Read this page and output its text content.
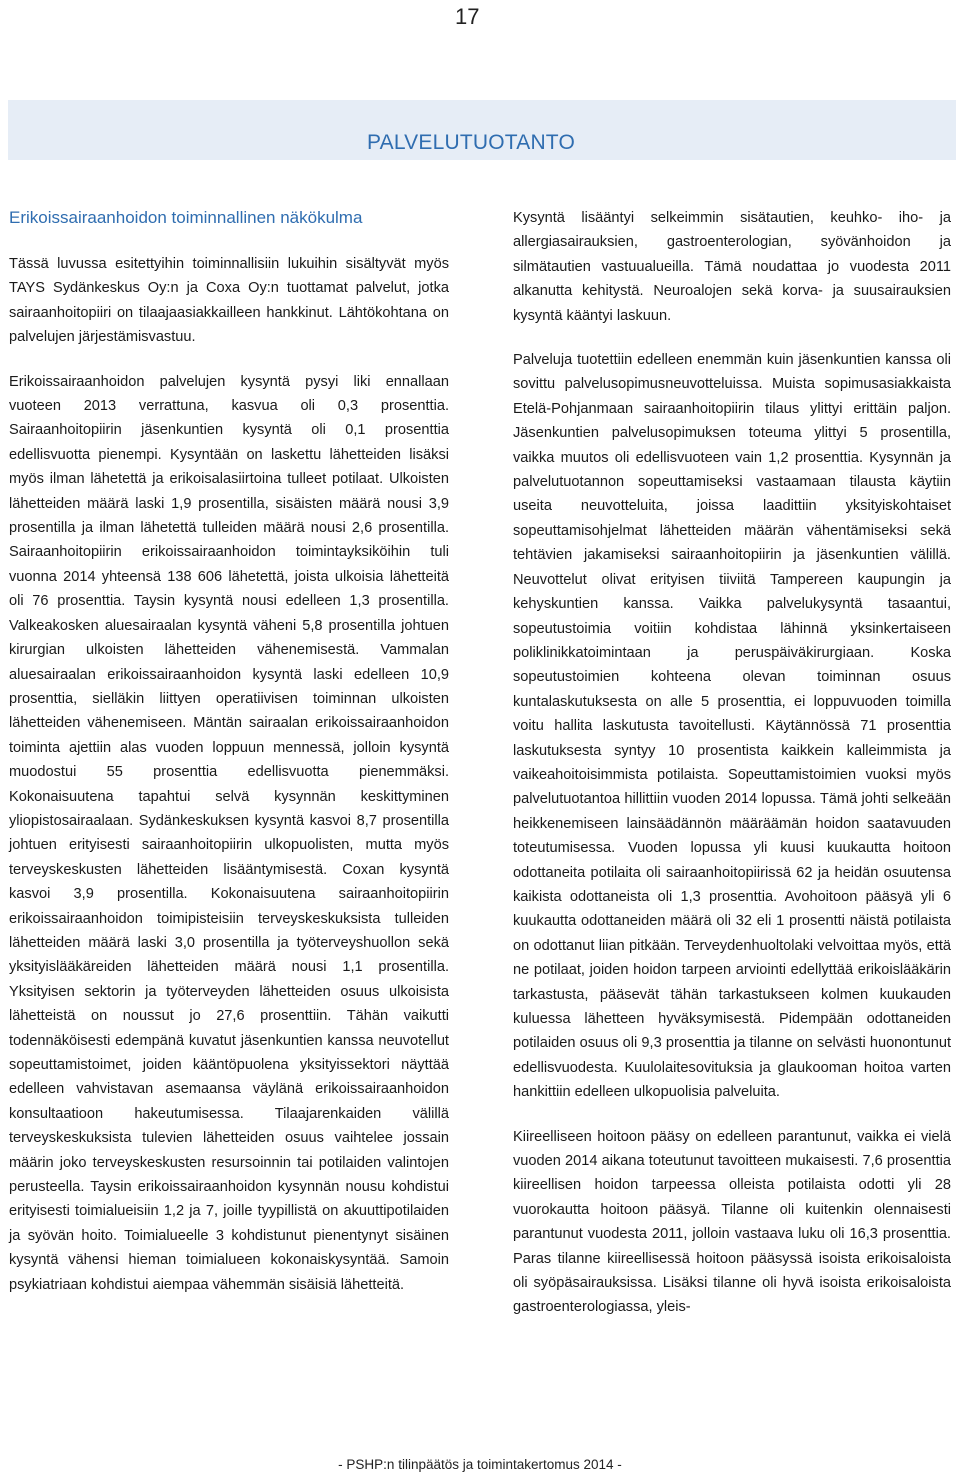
17
PALVELUTUOTANTO
Erikoissairaanhoidon toiminnallinen näkökulma

Tässä luvussa esitettyihin toiminnallisiin lukuihin sisältyvät myös TAYS Sydänkeskus Oy:n ja Coxa Oy:n tuottamat palvelut, jotka sairaanhoitopiiri on tilaajaasiakkailleen hankkinut. Lähtökohtana on palvelujen järjestämisvastuu.

Erikoissairaanhoidon palvelujen kysyntä pysyi liki ennallaan vuoteen 2013 verrattuna, kasvua oli 0,3 prosenttia. Sairaanhoitopiirin jäsenkuntien kysyntä oli 0,1 prosenttia edellisvuotta pienempi. Kysyntään on laskettu lähetteiden lisäksi myös ilman lähetettä ja erikoisalasiirtoina tulleet potilaat. Ulkoisten lähetteiden määrä laski 1,9 prosentilla, sisäisten määrä nousi 3,9 prosentilla ja ilman lähetettä tulleiden määrä nousi 2,6 prosentilla. Sairaanhoitopiirin erikoissairaanhoidon toimintayksiköihin tuli vuonna 2014 yhteensä 138 606 lähetettä, joista ulkoisia lähetteitä oli 76 prosenttia. Taysin kysyntä nousi edelleen 1,3 prosentilla. Valkeakosken aluesairaalan kysyntä väheni 5,8 prosentilla johtuen kirurgian ulkoisten lähetteiden vähenemisestä. Vammalan aluesairaalan erikoissairaanhoidon kysyntä laski edelleen 10,9 prosenttia, sielläkin liittyen operatiivisen toiminnan ulkoisten lähetteiden vähenemiseen. Mäntän sairaalan erikoissairaanhoidon toiminta ajettiin alas vuoden loppuun mennessä, jolloin kysyntä muodostui 55 prosenttia edellisvuotta pienemmäksi. Kokonaisuutena tapahtui selvä kysynnän keskittyminen yliopistosairaalaan. Sydänkeskuksen kysyntä kasvoi 8,7 prosentilla johtuen erityisesti sairaanhoitopiirin ulkopuolisten, mutta myös terveyskeskusten lähetteiden lisääntymisestä. Coxan kysyntä kasvoi 3,9 prosentilla. Kokonaisuutena sairaanhoitopiirin erikoissairaanhoidon toimipisteisiin terveyskeskuksista tulleiden lähetteiden määrä laski 3,0 prosentilla ja työterveyshuollon sekä yksityislääkäreiden lähetteiden määrä nousi 1,1 prosentilla. Yksityisen sektorin ja työterveyden lähetteiden osuus ulkoisista lähetteistä on noussut jo 27,6 prosenttiin. Tähän vaikutti todennäköisesti edempänä kuvatut jäsenkuntien kanssa neuvotellut sopeuttamistoimet, joiden kääntöpuolena yksityissektori näyttää edelleen vahvistavan asemaansa väylänä erikoissairaanhoidon konsultaatioon hakeutumisessa. Tilaajarenkaiden välillä terveyskeskuksista tulevien lähetteiden osuus vaihtelee jossain määrin joko terveyskeskusten resursoinnin tai potilaiden valintojen perusteella. Taysin erikoissairaanhoidon kysynnän nousu kohdistui erityisesti toimialueisiin 1,2 ja 7, joille tyypillistä on akuuttipotilaiden ja syövän hoito. Toimialueelle 3 kohdistunut pienentynyt sisäinen kysyntä vähensi hieman toimialueen kokonaiskysyntää. Samoin psykiatriaan kohdistui aiempaa vähemmän sisäisiä lähetteitä.

Kysyntä lisääntyi selkeimmin sisätautien, keuhko- iho- ja allergiasairauksien, gastroenterologian, syövänhoidon ja silmätautien vastuualueilla. Tämä noudattaa jo vuodesta 2011 alkanutta kehitystä. Neuroalojen sekä korva- ja suusairauksien kysyntä kääntyi laskuun.

Palveluja tuotettiin edelleen enemmän kuin jäsenkuntien kanssa oli sovittu palvelusopimusneuvotteluissa. Muista sopimusasiakkaista Etelä-Pohjanmaan sairaanhoitopiirin tilaus ylittyi erittäin paljon. Jäsenkuntien palvelusopimuksen toteuma ylittyi 5 prosentilla, vaikka muutos oli edellisvuoteen vain 1,2 prosenttia. Kysynnän ja palvelutuotannon sopeuttamiseksi vastaamaan tilausta käytiin useita neuvotteluita, joissa laadittiin yksityiskohtaiset sopeuttamisohjelmat lähetteiden määrän vähentämiseksi sekä tehtävien jakamiseksi sairaanhoitopiirin ja jäsenkuntien välillä. Neuvottelut olivat erityisen tiiviitä Tampereen kaupungin ja kehyskuntien kanssa. Vaikka palvelukysyntä tasaantui, sopeutustoimia voitiin kohdistaa lähinnä yksinkertaiseen poliklinikkatoimintaan ja peruspäiväkirurgiaan. Koska sopeutustoimien kohteena olevan toiminnan osuus kuntalaskutuksesta on alle 5 prosenttia, ei loppuvuoden toimilla voitu hallita laskutusta tavoitellusti. Käytännössä 71 prosenttia laskutuksesta syntyy 10 prosentista kaikkein kalleimmista ja vaikeahoitoisimmista potilaista. Sopeuttamistoimien vuoksi myös palvelutuotantoa hillittiin vuoden 2014 lopussa. Tämä johti selkeään heikkenemiseen lainsäädännön määräämän hoidon saatavuuden toteutumisessa. Vuoden lopussa yli kuusi kuukautta hoitoon odottaneita potilaita oli sairaanhoitopiirissä 62 ja heidän osuutensa kaikista odottaneista oli 1,3 prosenttia. Avohoitoon pääsyä yli 6 kuukautta odottaneiden määrä oli 32 eli 1 prosentti näistä potilaista on odottanut liian pitkään. Terveydenhuoltolaki velvoittaa myös, että ne potilaat, joiden hoidon tarpeen arviointi edellyttää erikoislääkärin tarkastusta, pääsevät tähän tarkastukseen kolmen kuukauden kuluessa lähetteen hyväksymisestä. Pidempään odottaneiden potilaiden osuus oli 9,3 prosenttia ja tilanne on selvästi huonontunut edellisvuodesta. Kuulolaitesovituksia ja glaukooman hoitoa varten hankittiin edelleen ulkopuolisia palveluita.

Kiireelliseen hoitoon pääsy on edelleen parantunut, vaikka ei vielä vuoden 2014 aikana toteutunut tavoitteen mukaisesti. 7,6 prosenttia kiireellisen hoidon tarpeessa olleista potilaista odotti yli 28 vuorokautta hoitoon pääsyä. Tilanne oli kuitenkin olennaisesti parantunut vuodesta 2011, jolloin vastaava luku oli 16,3 prosenttia. Paras tilanne kiireellisessä hoitoon pääsyssä isoista erikoisaloista oli syöpäsairauksissa. Lisäksi tilanne oli hyvä isoista erikoisaloista gastroenterologiassa, yleis-

- PSHP:n tilinpäätös ja toimintakertomus 2014 -
